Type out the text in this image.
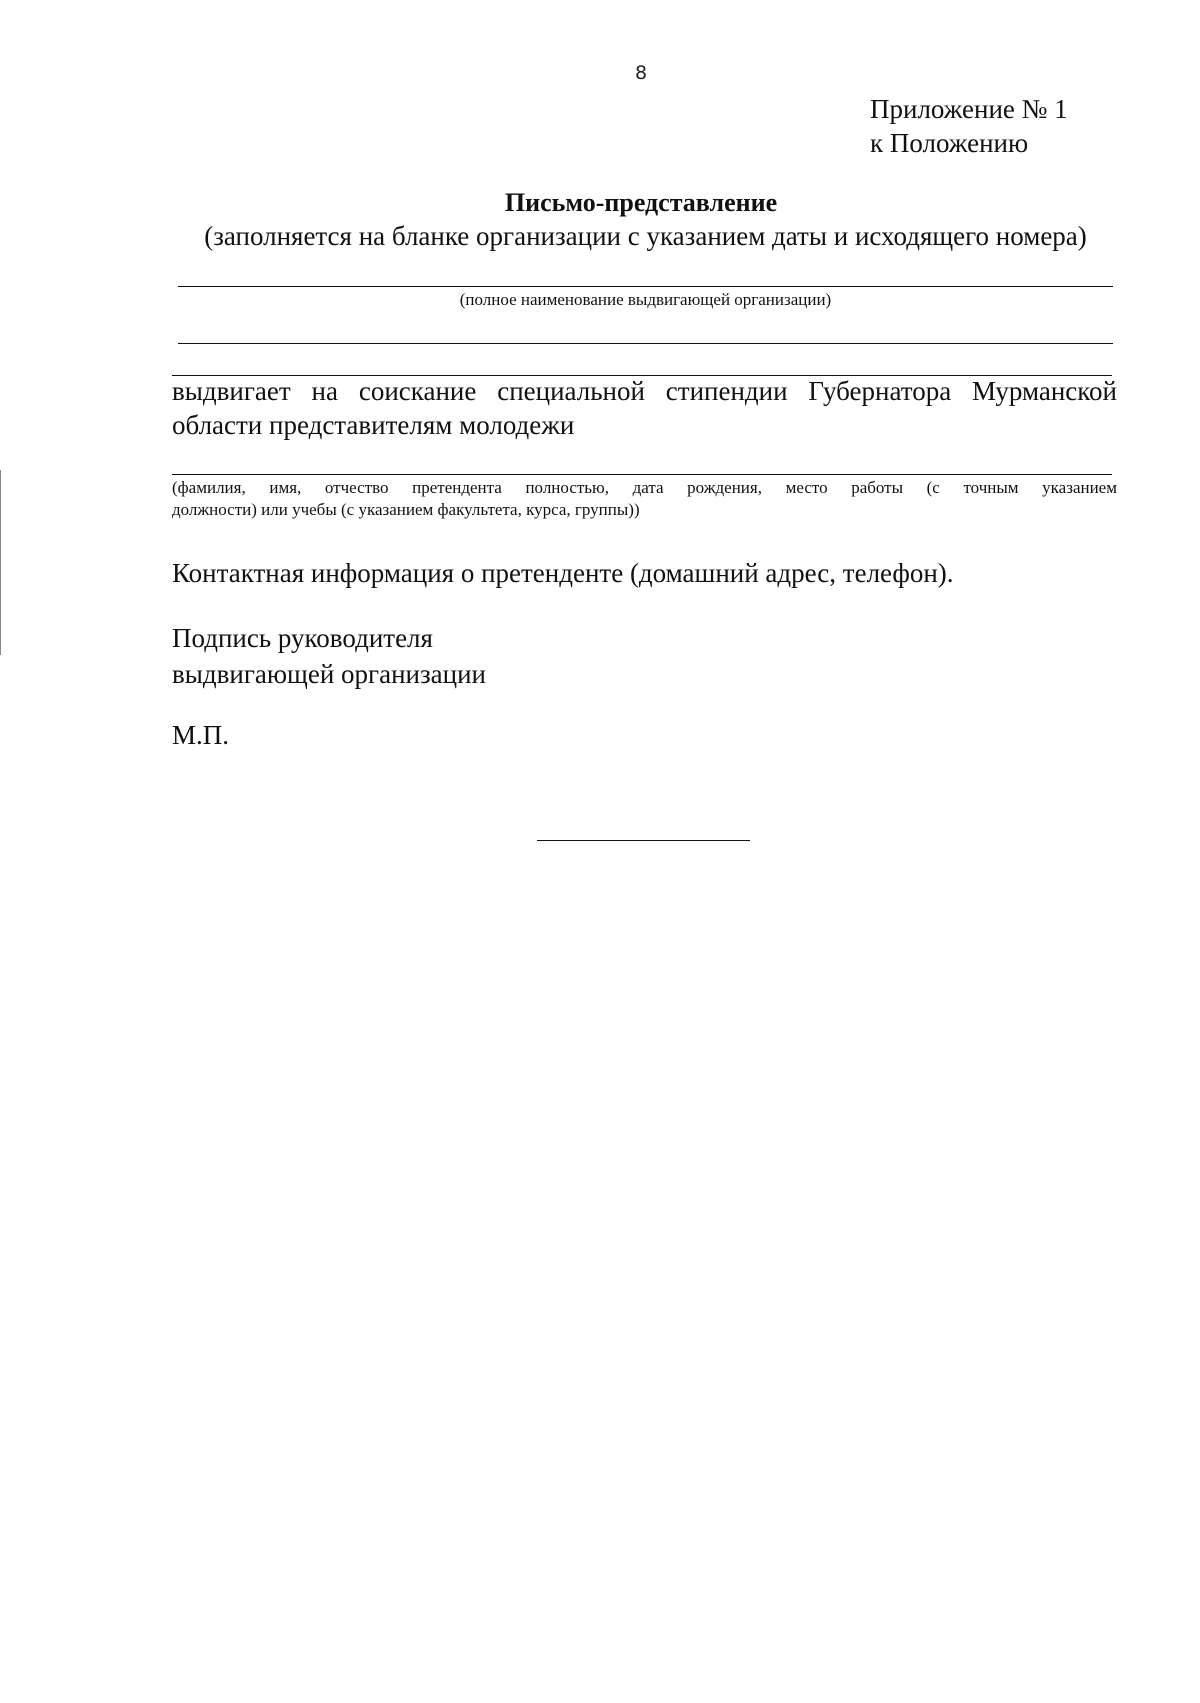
8
Приложение № 1
к Положению
Письмо-представление
(заполняется на бланке организации с указанием даты и исходящего номера)
(полное наименование выдвигающей организации)
выдвигает на соискание специальной стипендии Губернатора Мурманской
области представителям молодежи
(фамилия, имя, отчество претендента полностью, дата рождения, место работы (с точным указанием
должности) или учебы (с указанием факультета, курса, группы))
Контактная информация о претенденте (домашний адрес, телефон).
Подпись руководителя
выдвигающей организации
М.П.
